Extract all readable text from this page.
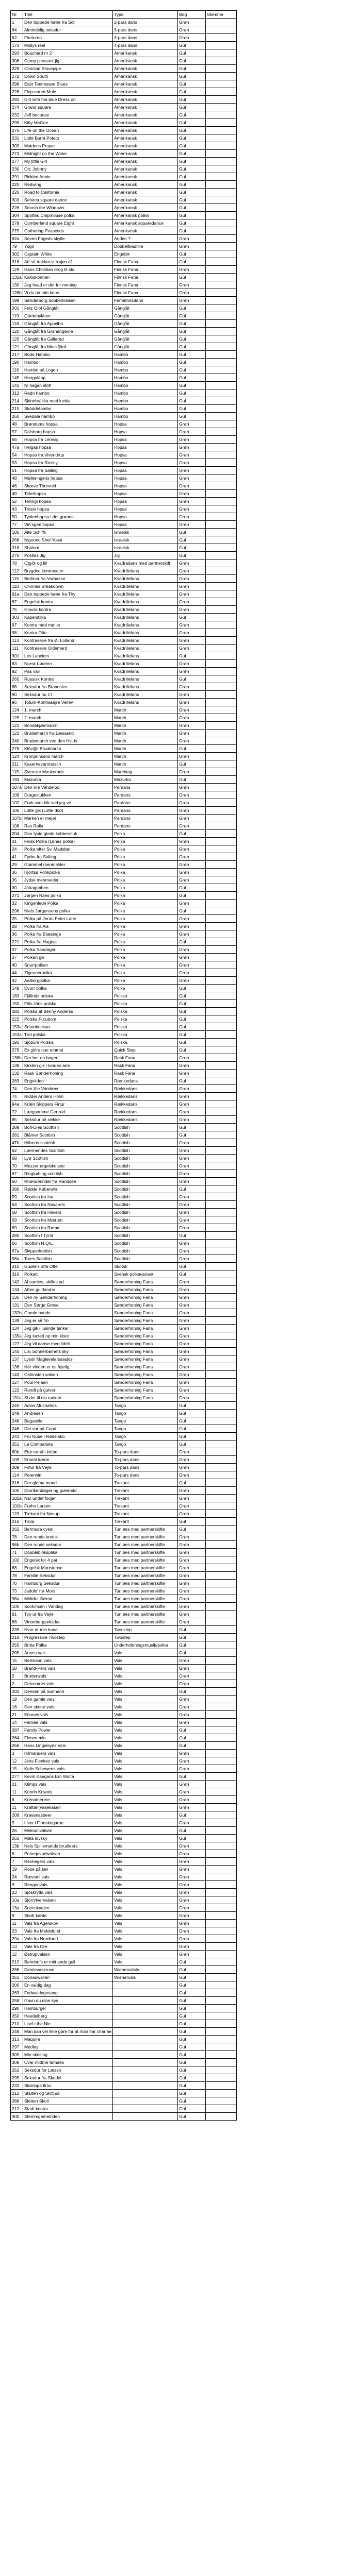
Nr.	Titel	Type	Bog	Stemme
1	Den toppede høne fra Sct	2-pars dans	Grøn	
84	Almindelig seksdur	3-pars dans	Grøn	
62	Fireturen	3-pars dans	Grøn	
173	Mollys reel	4-pars dans	Gul	
293	Bouchard nr 2	Amerikansk	Gul	
306	Camp pleasant jig	Amerikansk	Gul	
229	Choclad Stovepipe	Amerikansk	Gul	
272	Down South	Amerikansk	Gul	
298	East Tennessee Blues	Amerikansk	Gul	
228	Flop-eared Mule	Amerikansk	Gul	
292	Girl with the blue Dress on	Amerikansk	Gul	
274	Grand square	Amerikansk	Gul	
232	Jeff because	Amerikansk	Gul	
299	Kitty McGee	Amerikansk	Gul	
275	Life on the Ocean	Amerikansk	Gul	
231	Little Burnt Potato	Amerikansk	Gul	
309	Maidens Prayer	Amerikansk	Gul	
273	Midnight on the Water	Amerikansk	Gul	
277	My little Girl	Amerikansk	Gul	
230	Oh, Johnny	Amerikansk	Gul	
291	Pickled Annie	Amerikansk	Gul	
225	Redwing	Amerikansk	Gul	
226	Road to California	Amerikansk	Gul	
303	Seneca square dance	Amerikansk	Gul	
226	Smash the Windows	Amerikansk	Gul	
304	Spotted Chipmouse polka	Amerikansk polka	Gul	
278	Cumberland square Eight	Amerikansk squaredance	Gul	
279	Gathering Peascods	Amerikansk	Gul	
92a	Seven Fogeds skylle	Anden ?	Grøn	
79	Yugo	Dobbeltkadrille	Grøn	
302	Captain White	Engelsk	Gul	
318	Att så trakkar vi trøjen af	Finnsk Fana	Gul	
129	Hans Christian drog til sta	Finnsk Fana	Grøn	
131a	Kaloskonnen	Finnsk Fana	Gul	
130	Jeg hvad er der for mening	Finnsk Fana	Grøn	
128b	Vi du ha min kone	Finnsk Fana	Grøn	
199	Sønderborg dobbeltvalsen	Firmatrolsdans	Grøn	
201	Fritz Olof Gånglåt	Gånglåt	Gul	
119	Gärdebylåten	Gånglåt	Gul	
118	Gånglåt fra Appelbo	Gånglåt	Gul	
120	Gånglåt fra Granängerne	Gånglåt	Gul	
120	Gånglåt fra Gällared	Gånglåt	Gul	
121	Gånglåt fra Mockfjärd	Gånglåt	Gul	
217	Bode Hambo	Hambo	Gul	
190	Hambo	Hambo	Gul	
116	Hambo på Logen	Hambo	Gul	
145	Hoogaläpp	Hambo	Gul	
141	Ni hagan stött	Hambo	Gul	
312	Redo hambo	Hambo	Gul	
214	Skinnbräcka med luckia	Hambo	Gul	
215	Skäddetambo	Hambo	Gul	
260	Svedala hambo	Hambo	Gul	
48	Brøndums hopsa	Hopsa	Grøn	
57	Dalsborg hopsa	Hopsa	Grøn	
56	Hopsa fra Lemvig	Hopsa	Grøn	
47a	Helgas hopsa	Hopsa	Grøn	
54	Hopsa fra Vivendrup	Hopsa	Grøn	
53	Hopsa fra Roskly	Hopsa	Grøn	
51	Hopsa fra Salling	Hopsa	Grøn	
48	Mølleringens hopsa	Hopsa	Grøn	
46	Skæve Thorveid	Hopsa	Grøn	
49	Teterhopsa	Hopsa	Grøn	
52	Tellingi hopsa	Hopsa	Grøn	
43	Tresvi hopsa	Hopsa	Grøn	
50	Tynlenhopsa i det grønne	Hopsa	Grøn	
77	Vin sgen hopsa	Hopsa	Grøn	
105	Alte Schiffli	Israelsk	Gul	
268	Nigoono Shel Yossi	Israelsk	Gul	
318	Shalom	Israelsk	Gul	
275	Postles Jig	Jig	Gul	
78	Otg@ og lill	Kvadradans med partnerskift	Grøn	
112	Brygded kontrasejre	Kvadrillelans	Grøn	
115	Berliner fra Vorbasse	Kvadrillelans	Grøn	
110	Chinnes Breakdown	Kvadrillelans	Grøn	
91a	Den toppede høne fra Thy	Kvadrillelans	Grøn	
87	Engelsk kontra	Kvadrillelans	Grøn	
75	Glavsk kontra	Kvadrillelans	Grøn	
303	Kaperstilka	Kvadrillelans	Gul	
97	Kontra med møller	Kvadrillelans	Grøn	
98	Kontra Otte	Kvadrillelans	Grøn	
113	Kontrasejre fra Ø. Lolland	Kvadrillelans	Grøn	
111	Kontrasejre Oldemerd	Kvadrillelans	Grøn	
301	Les Lanciers	Kvadrillelans	Gul	
83	Norsk Lødeen	Kvadrillelans	Grøn	
92	Pas vair	Kvadrillelans	Grøn	
265	Russisk Kontra	Kvadrillelans	Gul	
86	Seksdur fra Brandslev	Kvadrillelans	Grøn	
90	Seksdur nu 17	Kvadrillelans	Grøn	
96	Totum-Kontrasejre Vellev	Kvadrillelans	Grøn	
124	1. march	March	Grøn	
125	2. march	March	Grøn	
121	Bondekjærmarch	March	Grøn	
122	Brudemarch fra Læsasnd	March	Grøn	
240	Brudemarch ved den Hvids	March	Grøn	
276	Klöv@t Brudmarch	March	Gul	
124	Kronprinsens march	March	Grøn	
211	Kasernevarmarsch	March	Gul	
115	Svenske Maskerade	Marchtag	Grøn	
193	Mazurka	Mazurka	Gul	
107a	Den lille Vendelbo	Pardans	Grøn	
109	Dragestukken	Pardans	Grøn	
102	Frøk som blir ved jeg ve	Pardans	Grøn	
106	Lotte gik (Lotte död)	Pardans	Grøn	
107b	Marken er mejet	Pardans	Grøn	
108	Ras Ralia	Pardans	Grøn	
204	Den lyste glade kobberstuk	Polka	Gul	
31	Finsk Polka (Lenes polka)	Polka	Grøn	
24	Polka efter Sv. Madsbøl	Polka	Grøn	
41	Fyrbo fra Salling	Polka	Grøn	
29	Glømmel menmelder	Polka	Grøn	
36	Hjortsø Fohkpolka	Polka	Grøn	
35	Jydsk menmelder	Polka	Grøn	
30	Jättagubben	Polka	Gul	
271	Jørgen Raes polka	Polka	Gul	
32	Kingehlede Polka	Polka	Grøn	
296	Niels Jørgensens polka	Polka	Gul	
25	Polka på Jeran Peter Lane	Polka	Grøn	
28	Polka fra Als	Polka	Grøn	
36	Polka fra Blæsinge	Polka	Grøn	
221	Polka fra Hagtse	Polka	Gul	
37	Polka Sandager	Polka	Grøn	
37	Polkan gik	Polka	Grøn	
40	Snurrpolkan	Polka	Grøn	
44	Zigeunerpolka	Polka	Grøn	
42	Aalborgpolka	Polka	Grøn	
149	Dvurr polka	Polka	Gul	
183	Fjällnäs polska	Polska	Gul	
150	Fäb-Jöns polska	Polska	Gul	
282	Polska af Benny Anderss	Polska	Gul	
222	Polska Furubom	Polska	Gul	
153a	Snumbockan	Polska	Gul	
153a	Trol polska	Polska	Gul	
191	Sjöbum Polska	Polska	Gul	
279	Ex glörs nue emmal	Quick Step	Gul	
138h	Der bor en bager	Rask Fana	Grøn	
138	Kirsten gik i lunden ane	Rask Fana	Grøn	
132	Rask Sønderhoning	Rask Fana	Grøn	
283	Engeliden	Rænkedans	Gul	
74	Den lille Vrimlæer	Rækkedans	Grøn	
74	Ridder Anders Holm	Rækkedans	Grøn	
94a	Kræn Skippers Firtur	Rækkedans	Grøn	
72	Lærgsomme Gertrud	Rækkedans	Grøn	
85	Seksdur på række	Rækkedans	Grøn	
289	Bolt-Dies Scottish	Scottish	Gul	
281	Blåmer Scottish	Scottish	Gul	
4Tb	Hilberts scottish	Scottish	Grøn	
62	Lærmendes Scottish	Scottish	Grøn	
68	Lyø Scottish	Scottish	Grøn	
70	Mezzer ergelskotsoe	Scottish	Grøn	
67	Ringkøbing scottish	Scottish	Grøn	
60	Rhønderinder fra Randsee	Scottish	Grøn	
280	Rødde Køberwin	Scottish	Gul	
59	Scottish fra Ise	Scottish	Grøn	
63	Scottish fra Navarets	Scottish	Grøn	
68	Scottish fra Hevers	Scottish	Grøn	
59	Scottish fra Mærum	Scottish	Grøn	
69	Scottish fra Rømø	Scottish	Grøn	
285	Scottish I Tyrol	Scottish	Gul	
66	Scottish N.Q/L.	Scottish	Grøn	
67a	Skipperkottish	Scottish	Grøn	
58a	Tores Scottish	Scottish	Grøn	
310	Gudens otte Otte	Skotsk	Gul	
316	Polkatt	Svensk polkavariant	Gul	
142	Al samles, skilles ad	Sønderhoning Fana	Grøn	
134	Atten guirlander	Sønderhoning Fana	Grøn	
136	Den ny Sønderhoning	Sønderhoning Fana	Grøn	
131	Den Sørge Greve	Sønderhoning Fana	Grøn	
132b	Gamle bonde	Sønderhoning Fana	Grøn	
139	Jeg er så fro	Sønderhoning Fana	Grøn	
134	Jeg gik i lusinde tanker	Sønderhoning Fana	Grøn	
135a	Jeg lucted op min kiste	Sønderhoning Fana	Grøn	
127	Jeg vil danse med lidelt	Sønderhoning Fana	Grøn	
140	Lisi Sönnerbarnets sky	Sønderhoning Fana	Grøn	
137	Lysoli Maglevalarssasjos	Sønderhoning Fana	Grøn	
136	Når vinden er os føjelig	Sønderhoning Fana	Grøn	
143	Oshinsten valsen	Sønderhoning Fana	Grøn	
127	Poul Pejaen	Sønderhoning Fana	Grøn	
122	Rundt på gulvet	Sønderhoning Fana	Grøn	
131a	Si det til din tanken	Sønderhoning Fana	Grøn	
245	Adios Muchahos	Tango	Gul	
249	Andresen	Tango	Gul	
246	Bagatelle	Tango	Gul	
246	Det var på Capri	Tango	Gul	
243	Fru Nube i Røde sko	Tango	Gul	
251	La Comparsita	Tango	Gul	
60b	Ette trend i kritbe	To-pars dans	Grøn	
109	Ernest kæde	To-pars dans	Grøn	
209	Firtur fra Vejle	To-pars dans	Grøn	
114	Peterwin	To-pars dans	Grøn	
316	Der glema mand	Trekant	Gul	
100	Drunkenbøger og gulerodd	Trekant	Grøn	
101a	När undef foojer	Trekant	Grøn	
101b	Frøhn Larsen	Trekant	Grøn	
123	Trekant fra Nonup	Trekant	Grøn	
216	Trola	Trekant	Gul	
262	Bermuda cykel	Tunløes med partnerskifte	Gul	
78	Den runde kredsi	Tunløes med partnerskifte	Grøn	
96b	Den runde seksdur	Tunløes med partnerskifte	Grøn	
71	Doublebloksplika	Tunløes med partnerskifte	Grøn	
102	Engelsk for 4 par	Tunløes med partnerskifte	Grøn	
88	Engelsk Martsiense	Tunløes med partnerskifte	Grøn	
78	Familie Seksdur	Tunløes med partnerskifte	Grøn	
76	Hamborg Seksdur	Tunløes med partnerskifte	Grøn	
73	Jadolo' fra Mors	Tunløes med partnerskifte	Grøn	
96a	Midtdur Seksd	Tunløes med partnerskifte	Grøn	
100	Scotchsen i Vandag	Tunløes med partnerskifte	Grøn	
81	Tyo ur fra Vejle	Tunløes med partnerskifte	Grøn	
88	Vinterbergseksdur	Tunløes med partnerskifte	Grøn	
239	Hvor er min kone	Two step	Gul	
218	Progressive Twostep	Twostep	Gul	
255	Britta Polka	Underholdningsmusik/polka	Gul	
205	Annes vals	Vals	Gul	
15	Bellmann vals	Vals	Grøn	
18	Brand-Pers vals	Vals	Grøn	
2	Bruderwals	Vals	Grøn	
2	Delcomres vals	Vals	Grøn	
202	Densen på Sunnanö	Vals	Gul	
19	Den gamle vals	Vals	Grøn	
16	Den skone vals	Vals	Grøn	
21	Emmes vals	Vals	Grøn	
14	Familie vals	Vals	Grøn	
287	Family Power	Vals	Gul	
264	Flosen min	Vals	Gul	
266	Hans Lingelsyns Vals	Vals	Gul	
3	Hilmanders vals	Vals	Grøn	
12	Jens Flenkes vals	Vals	Grøn	
15	Kalle Schewens vals	Vals	Grøn	
277	Kevin Kaegans Ern Walta	Vals	Gul	
21	Klimps vals	Vals	Grøn	
11	Konrih Kowols	Vals	Grøn	
6	Krennmerere	Vals	Grøn	
11	Kraftan(vasekasen	Vals	Grøn	
209	Kraesnasbeer	Vals	Gul	
5	Livet i Finnskogarne	Vals	Grøn	
26	Meknaltvalsen	Vals	Gul	
261	Mats lovsky	Vals	Gul	
13b	Nels Spillemands brudleers	Vals	Grøn	
8	Potterjevpelvalsen	Vals	Grøn	
7	Revhegers vals	Vals	Grøn	
19	Rose på tæl	Vals	Grøn	
24	Rævsmi vals	Vals	Grøn	
9	Rengonvals	Vals	Grøn	
23	Sjöskrytta vals	Vals	Grøn	
10a	Sjörrytvervalsen	Vals	Grøn	
13a	Sneeskvalen	Vals	Grøn	
9	Stedt kæde	Vals	Grøn	
11	Vals fra Agerskov	Vals	Grøn	
23	Vals fra Meldelund	Vals	Grøn	
29a	Vals fra Nordland	Vals	Grøn	
13	Vals fra Ore	Vals	Grøn	
12	Østrupvalsen	Vals	Grøn	
212	Bahnhofs er mitt ande gull	Vals	Gul	
286	Deinlevaskrund	Wienervalsle	Gul	
251	Donauwallen	Wienervals	Gul	
200	En vaidig dag		Gul	
263	Fedwaldegesang		Gul	
258	Gavn du dine kys		Gul	
290	Hamburger		Gul	
250	Heedelberg		Gul	
210	Lisel i the Nie		Gul	
248	Man kan vel ikke gøre for at man har charme		Gul	
313	Maquire		Gul	
297	Medley		Gul	
305	Min skolting		Gul	
308	Over mittrne tamdes		Gul	
252	Seksdur for Læsso		Gul	
295	Seksdur fra Skadel		Gul	
232	Skørlopa firtur		Gul	
212	Stalten og Skitt sa		Gul	
288	Sletten Skoll		Gul	
212	Stadt kontra		Gul	
300	Stemmgemeinden		Gul	
